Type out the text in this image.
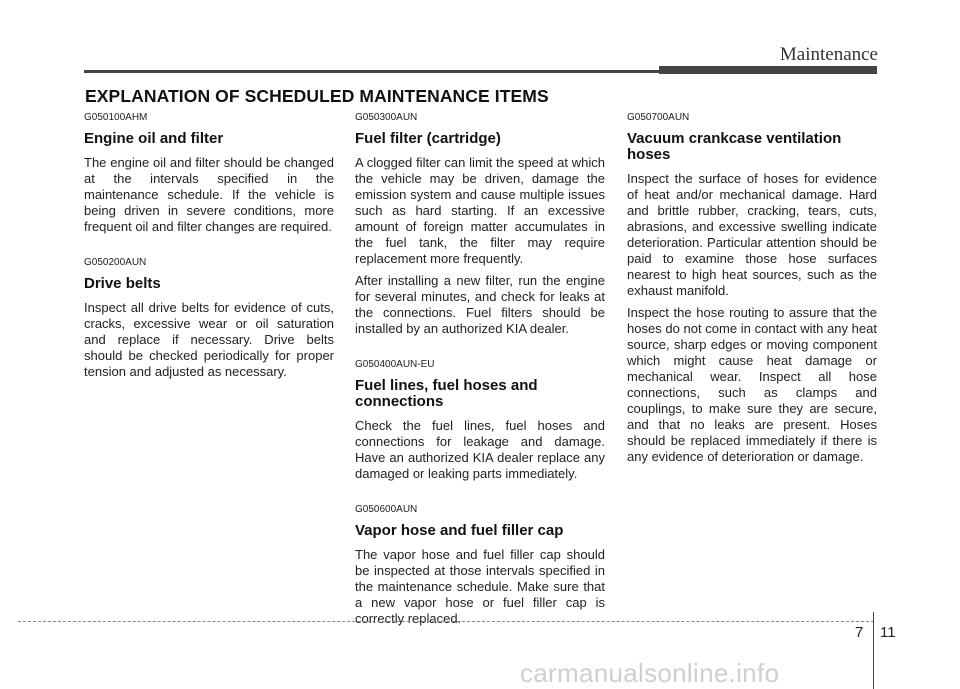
Maintenance
EXPLANATION OF SCHEDULED MAINTENANCE ITEMS
G050100AHM
Engine oil and filter

The engine oil and filter should be changed at the intervals specified in the maintenance schedule. If the vehicle is being driven in severe conditions, more frequent oil and filter changes are required.

G050200AUN
Drive belts

Inspect all drive belts for evidence of cuts, cracks, excessive wear or oil saturation and replace if necessary. Drive belts should be checked periodically for proper tension and adjusted as necessary.

G050300AUN
Fuel filter (cartridge)

A clogged filter can limit the speed at which the vehicle may be driven, damage the emission system and cause multiple issues such as hard starting. If an excessive amount of foreign matter accumulates in the fuel tank, the filter may require replacement more frequently.

After installing a new filter, run the engine for several minutes, and check for leaks at the connections. Fuel filters should be installed by an authorized KIA dealer.

G050400AUN-EU
Fuel lines, fuel hoses and connections

Check the fuel lines, fuel hoses and connections for leakage and damage. Have an authorized KIA dealer replace any damaged or leaking parts immediately.

G050600AUN
Vapor hose and fuel filler cap

The vapor hose and fuel filler cap should be inspected at those intervals specified in the maintenance schedule. Make sure that a new vapor hose or fuel filler cap is correctly replaced.

G050700AUN
Vacuum crankcase ventilation hoses

Inspect the surface of hoses for evidence of heat and/or mechanical damage. Hard and brittle rubber, cracking, tears, cuts, abrasions, and excessive swelling indicate deterioration. Particular attention should be paid to examine those hose surfaces nearest to high heat sources, such as the exhaust manifold.

Inspect the hose routing to assure that the hoses do not come in contact with any heat source, sharp edges or moving component which might cause heat damage or mechanical wear. Inspect all hose connections, such as clamps and couplings, to make sure they are secure, and that no leaks are present. Hoses should be replaced immediately if there is any evidence of deterioration or damage.

7 11
carmanualsonline.info
